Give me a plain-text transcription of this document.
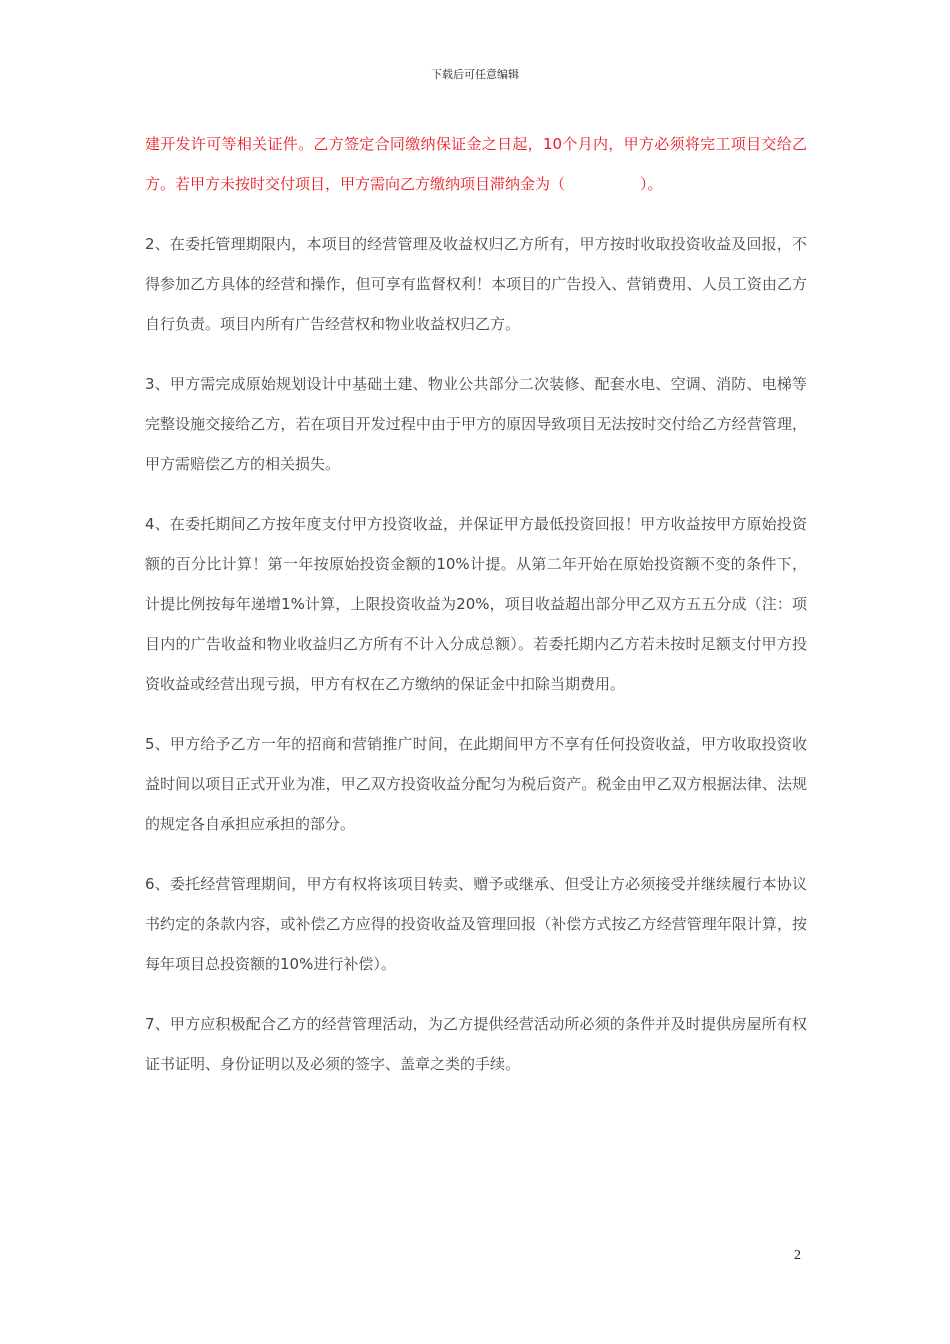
下载后可任意编辑

建开发许可等相关证件。乙方签定合同缴纳保证金之日起，10个月内，甲方必须将完工项目交给乙方。若甲方未按时交付项目，甲方需向乙方缴纳项目滞纳金为（　　　　　）。

2、在委托管理期限内，本项目的经营管理及收益权归乙方所有，甲方按时收取投资收益及回报，不得参加乙方具体的经营和操作，但可享有监督权利！本项目的广告投入、营销费用、人员工资由乙方自行负责。项目内所有广告经营权和物业收益权归乙方。

3、甲方需完成原始规划设计中基础土建、物业公共部分二次装修、配套水电、空调、消防、电梯等完整设施交接给乙方，若在项目开发过程中由于甲方的原因导致项目无法按时交付给乙方经营管理，甲方需赔偿乙方的相关损失。

4、在委托期间乙方按年度支付甲方投资收益，并保证甲方最低投资回报！甲方收益按甲方原始投资额的百分比计算！第一年按原始投资金额的10%计提。从第二年开始在原始投资额不变的条件下，计提比例按每年递增1%计算，上限投资收益为20%，项目收益超出部分甲乙双方五五分成（注：项目内的广告收益和物业收益归乙方所有不计入分成总额）。若委托期内乙方若未按时足额支付甲方投资收益或经营出现亏损，甲方有权在乙方缴纳的保证金中扣除当期费用。

5、甲方给予乙方一年的招商和营销推广时间，在此期间甲方不享有任何投资收益，甲方收取投资收益时间以项目正式开业为准，甲乙双方投资收益分配匀为税后资产。税金由甲乙双方根据法律、法规的规定各自承担应承担的部分。

6、委托经营管理期间，甲方有权将该项目转卖、赠予或继承、但受让方必须接受并继续履行本协议书约定的条款内容，或补偿乙方应得的投资收益及管理回报（补偿方式按乙方经营管理年限计算，按每年项目总投资额的10%进行补偿）。

7、甲方应积极配合乙方的经营管理活动，为乙方提供经营活动所必须的条件并及时提供房屋所有权证书证明、身份证明以及必须的签字、盖章之类的手续。

2
